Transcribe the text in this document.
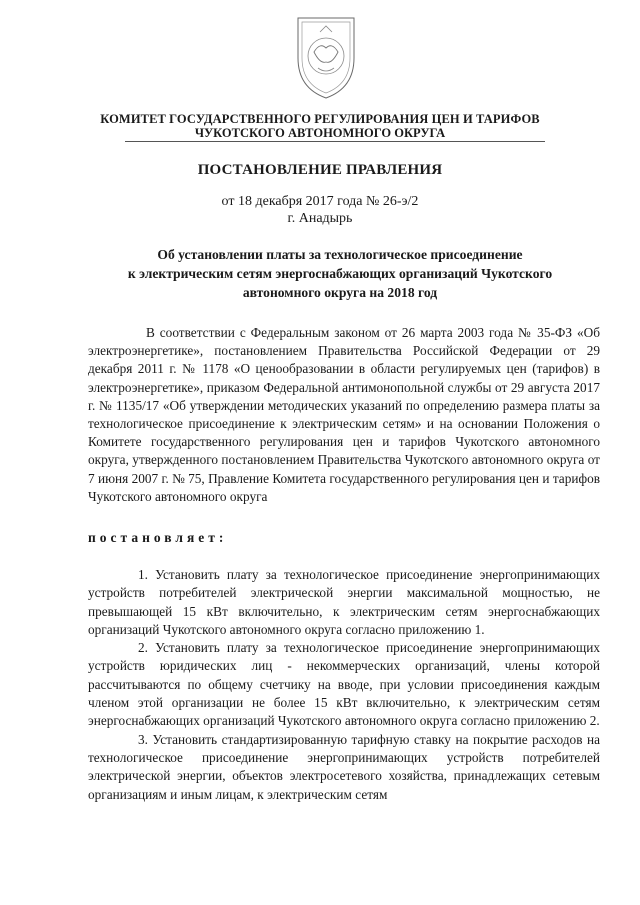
КОМИТЕТ ГОСУДАРСТВЕННОГО РЕГУЛИРОВАНИЯ ЦЕН И ТАРИФОВ
ЧУКОТСКОГО АВТОНОМНОГО ОКРУГА
ПОСТАНОВЛЕНИЕ ПРАВЛЕНИЯ
от 18 декабря 2017 года № 26-э/2
г. Анадырь
Об установлении платы за технологическое присоединение
к электрическим сетям энергоснабжающих организаций Чукотского
автономного округа на 2018 год

В соответствии с Федеральным законом от 26 марта 2003 года № 35-ФЗ «Об электроэнергетике», постановлением Правительства Российской Федерации от 29 декабря 2011 г. № 1178 «О ценообразовании в области регулируемых цен (тарифов) в электроэнергетике», приказом Федеральной антимонопольной службы от 29 августа 2017 г. № 1135/17 «Об утверждении методических указаний по определению размера платы за технологическое присоединение к электрическим сетям» и на основании Положения о Комитете государственного регулирования цен и тарифов Чукотского автономного округа, утвержденного постановлением Правительства Чукотского автономного округа от 7 июня 2007 г. № 75, Правление Комитета государственного регулирования цен и тарифов Чукотского автономного округа

постановляет:

1. Установить плату за технологическое присоединение энергопринимающих устройств потребителей электрической энергии максимальной мощностью, не превышающей 15 кВт включительно, к электрическим сетям энергоснабжающих организаций Чукотского автономного округа согласно приложению 1.

2. Установить плату за технологическое присоединение энергопринимающих устройств юридических лиц - некоммерческих организаций, члены которой рассчитываются по общему счетчику на вводе, при условии присоединения каждым членом этой организации не более 15 кВт включительно, к электрическим сетям энергоснабжающих организаций Чукотского автономного округа согласно приложению 2.

3. Установить стандартизированную тарифную ставку на покрытие расходов на технологическое присоединение энергопринимающих устройств потребителей электрической энергии, объектов электросетевого хозяйства, принадлежащих сетевым организациям и иным лицам, к электрическим сетям
